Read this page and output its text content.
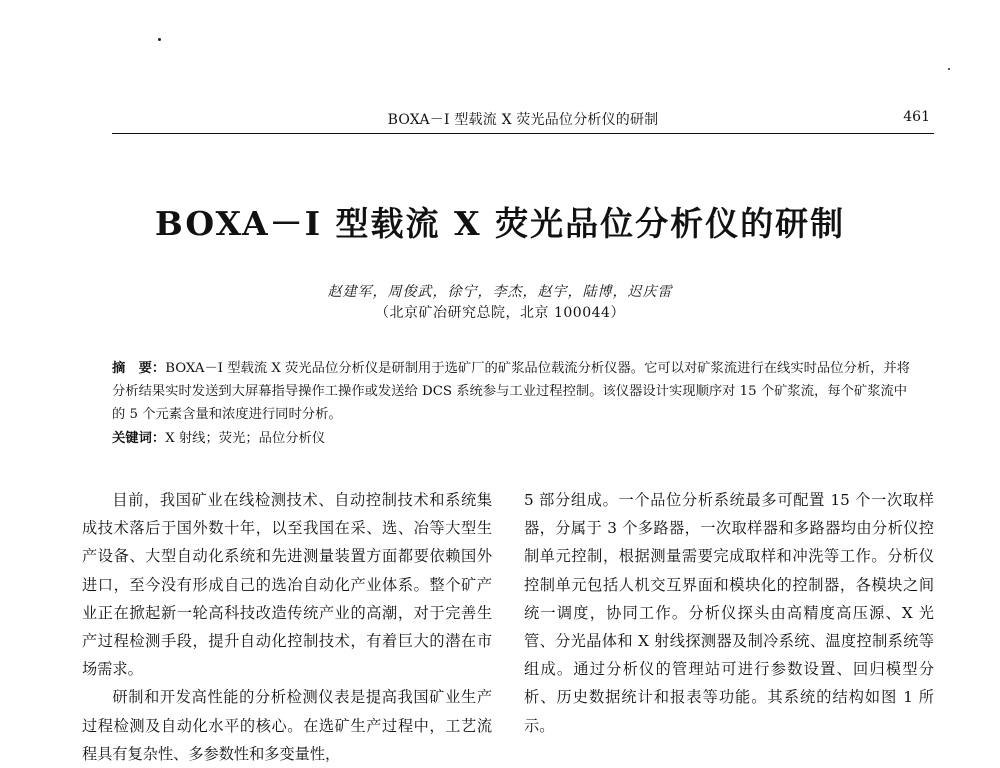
BOXA－I 型载流 X 荧光品位分析仪的研制	461
BOXA－I 型载流 X 荧光品位分析仪的研制
赵建军，周俊武，徐宁，李杰，赵宇，陆博，迟庆雷
（北京矿冶研究总院，北京 100044）

摘　要：BOXA－I 型载流 X 荧光品位分析仪是研制用于选矿厂的矿浆品位载流分析仪器。它可以对矿浆流进行在线实时品位分析，并将分析结果实时发送到大屏幕指导操作工操作或发送给 DCS 系统参与工业过程控制。该仪器设计实现顺序对 15 个矿浆流，每个矿浆流中的 5 个元素含量和浓度进行同时分析。

关键词：X 射线；荧光；品位分析仪

目前，我国矿业在线检测技术、自动控制技术和系统集成技术落后于国外数十年，以至我国在采、选、冶等大型生产设备、大型自动化系统和先进测量装置方面都要依赖国外进口，至今没有形成自己的选冶自动化产业体系。整个矿产业正在掀起新一轮高科技改造传统产业的高潮，对于完善生产过程检测手段，提升自动化控制技术，有着巨大的潜在市场需求。

研制和开发高性能的分析检测仪表是提高我国矿业生产过程检测及自动化水平的核心。在选矿生产过程中，工艺流程具有复杂性、多参数性和多变量性，

5 部分组成。一个品位分析系统最多可配置 15 个一次取样器，分属于 3 个多路器，一次取样器和多路器均由分析仪控制单元控制，根据测量需要完成取样和冲洗等工作。分析仪控制单元包括人机交互界面和模块化的控制器，各模块之间统一调度，协同工作。分析仪探头由高精度高压源、X 光管、分光晶体和 X 射线探测器及制冷系统、温度控制系统等组成。通过分析仪的管理站可进行参数设置、回归模型分析、历史数据统计和报表等功能。其系统的结构如图 1 所示。
